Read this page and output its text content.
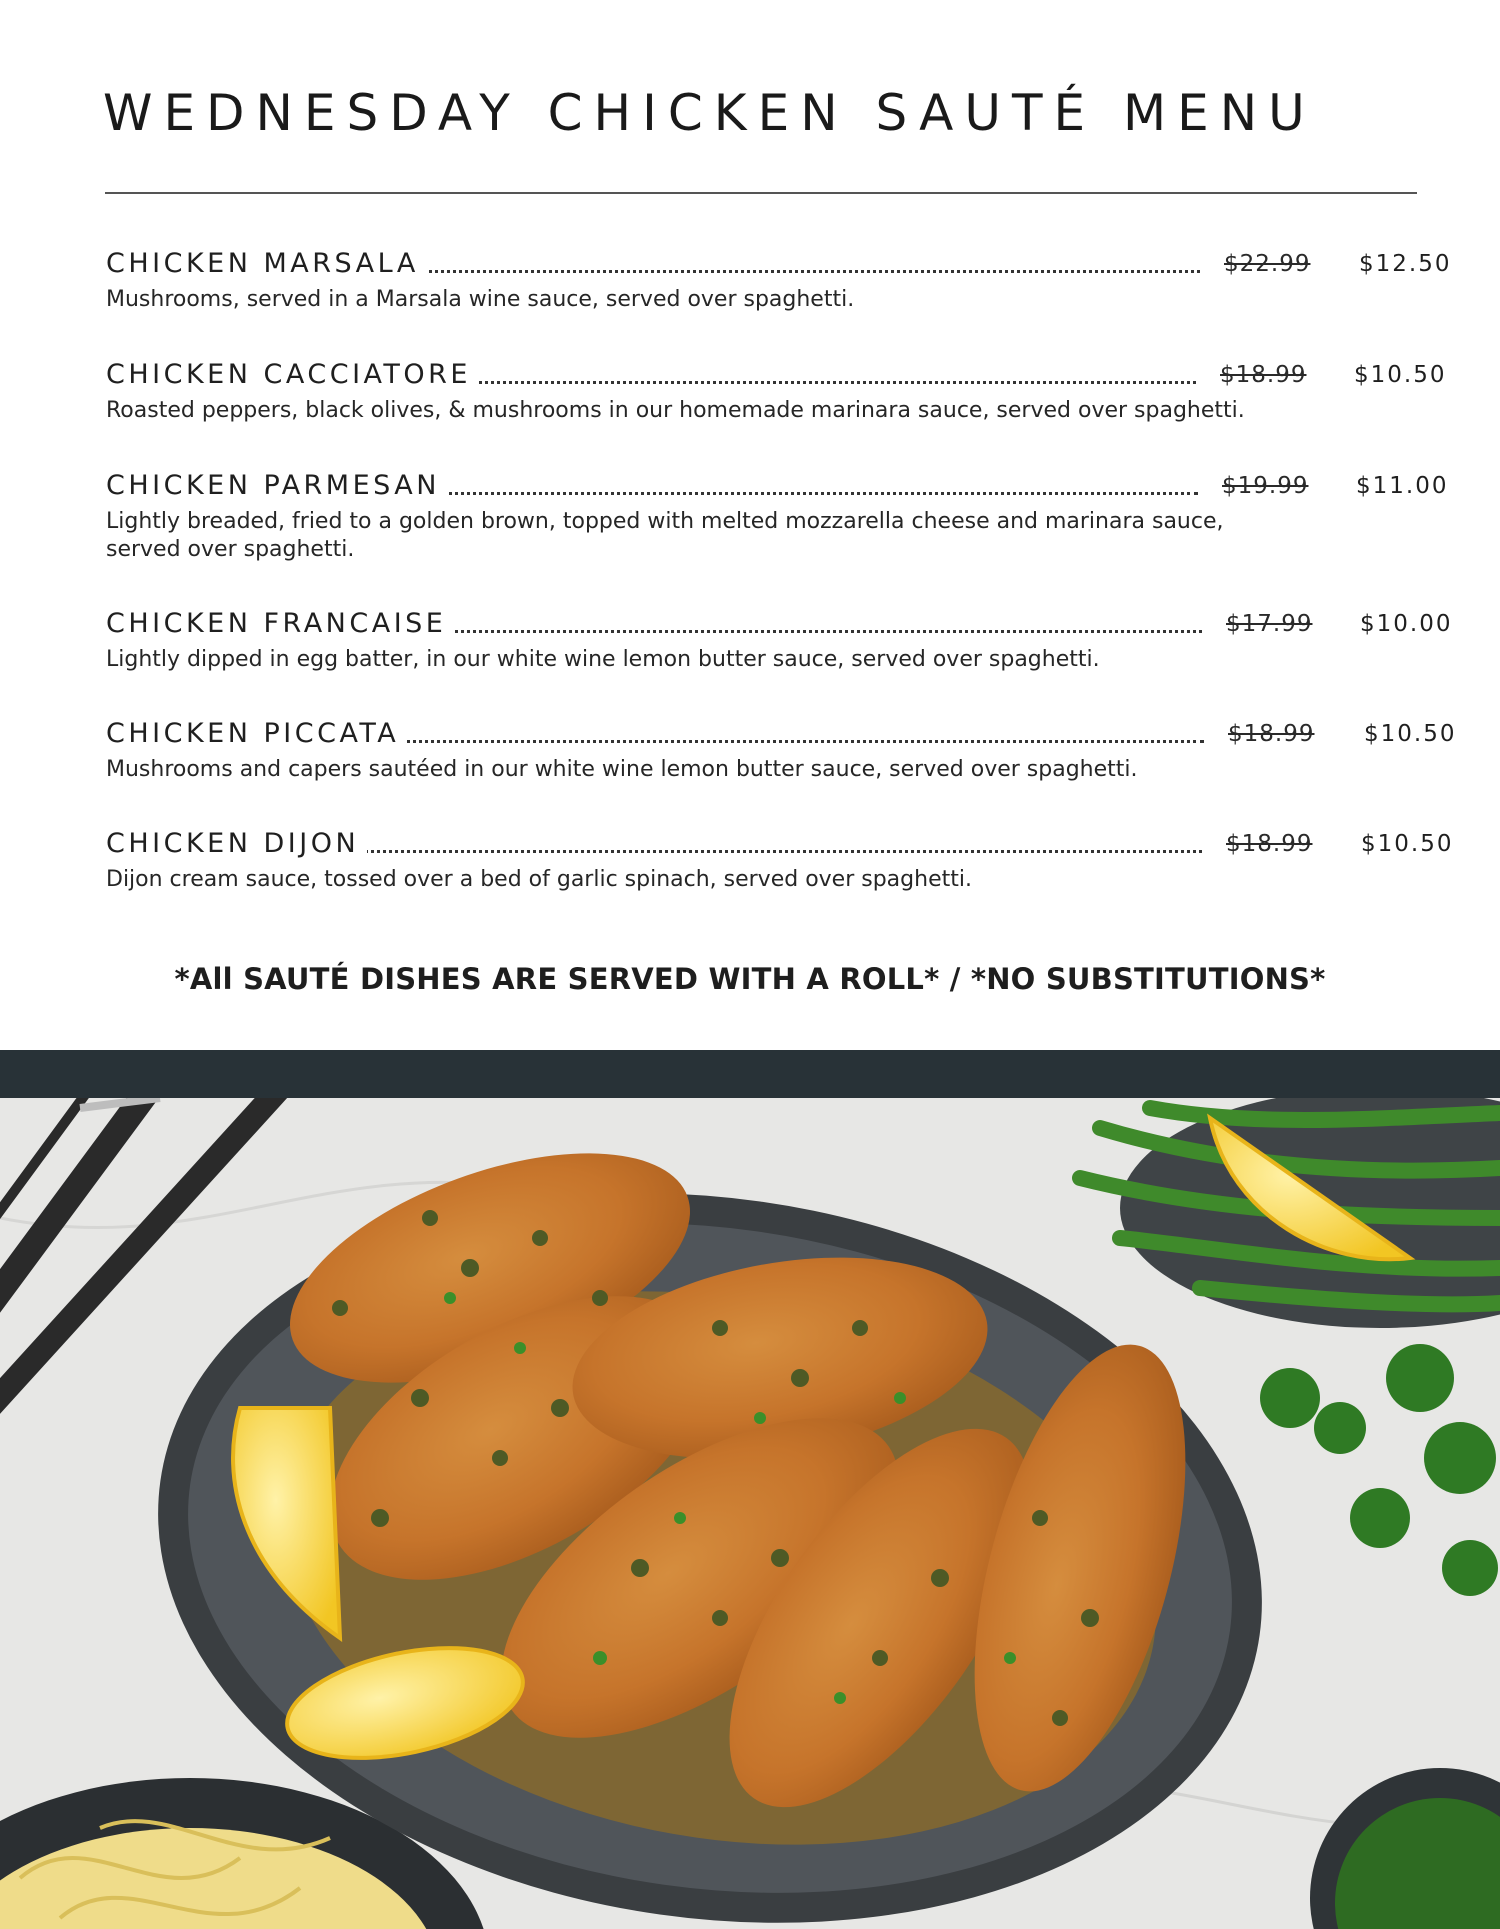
WEDNESDAY CHICKEN SAUTÉ MENU
CHICKEN MARSALA	$22.99 $12.50
Mushrooms, served in a Marsala wine sauce, served over spaghetti.
CHICKEN CACCIATORE	$18.99 $10.50
Roasted peppers, black olives, & mushrooms in our homemade marinara sauce, served over spaghetti.
CHICKEN PARMESAN	$19.99 $11.00
Lightly breaded, fried to a golden brown, topped with melted mozzarella cheese and marinara sauce, served over spaghetti.
CHICKEN FRANCAISE	$17.99 $10.00
Lightly dipped in egg batter, in our white wine lemon butter sauce, served over spaghetti.
CHICKEN PICCATA	$18.99 $10.50
Mushrooms and capers sautéed in our white wine lemon butter sauce, served over spaghetti.
CHICKEN DIJON	$18.99 $10.50
Dijon cream sauce, tossed over a bed of garlic spinach, served over spaghetti.
*All SAUTÉ DISHES ARE SERVED WITH A ROLL* / *NO SUBSTITUTIONS*
